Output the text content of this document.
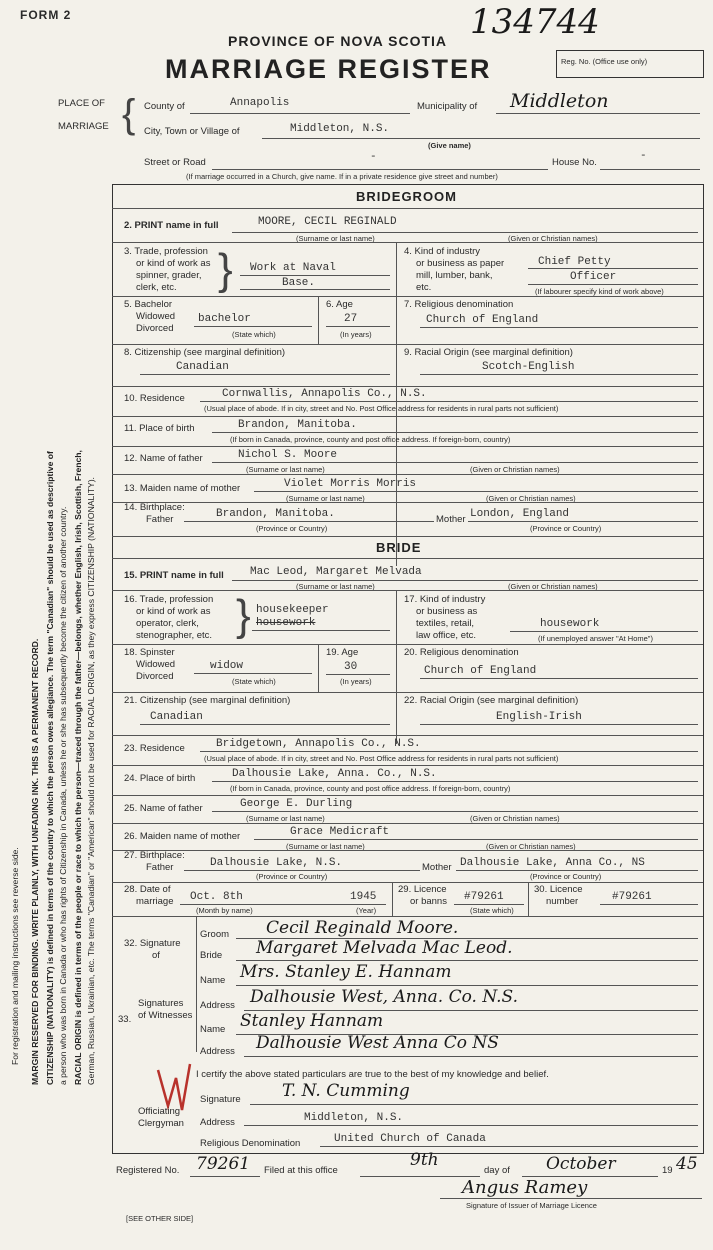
FORM 2	134744
PROVINCE OF NOVA SCOTIA
MARRIAGE REGISTER	Reg. No. (Office use only)
PLACE OF
MARRIAGE { County of	Annapolis	Municipality of Middleton
City, Town or Village of	Middleton, N.S.
(Give name)
Street or Road	-	House No.
-
(If marriage occurred in a Church, give name. If in a private residence give street and number)
For registration and mailing instructions see reverse side. MARGIN RESERVED FOR BINDING. WRITE PLAINLY, WITH UNFADING INK. THIS IS A PERMANENT RECORD. CITIZENSHIP (NATIONALITY) is defined in terms of the country to which the person owes allegiance. The term "Canadian" should be used as descriptive of a person who was born in Canada or who has rights of Citizenship in Canada, unless he or she has subsequently become the citizen of another country. RACIAL ORIGIN is defined in terms of the people or race to which the person—traced through the father—belongs, whether English, Irish, Scottish, French, German, Russian, Ukrainian, etc. The terms "Canadian" or "American" should not be used for RACIAL ORIGIN, as they express CITIZENSHIP (NATIONALITY).
BRIDEGROOM
2. PRINT name in full	MOORE, CECIL REGINALD
(Surname or last name)	(Given or Christian names)
3. Trade, profession
or kind of work as
spinner, grader,
clerk, etc. } Work at Naval
Base.
4. Kind of industry
or business as paper
mill, lumber, bank,
etc.
Chief Petty
Officer
(If labourer specify kind of work above)
5. Bachelor
Widowed
Divorced
bachelor
(State which)
6. Age
27
(In years)
7. Religious denomination
Church of England
8. Citizenship (see marginal definition)
Canadian
9. Racial Origin (see marginal definition)
Scotch-English
10. Residence	Cornwallis, Annapolis Co., N.S.
(Usual place of abode. If in city, street and No. Post Office address for residents in rural parts not sufficient)
11. Place of birth	Brandon, Manitoba.
(If born in Canada, province, county and post office address. If foreign-born, country)
12. Name of father	Nichol S. Moore
(Surname or last name)	(Given or Christian names)
13. Maiden name of mother	Violet Morris Morris
(Surname or last name)	(Given or Christian names)
14. Birthplace:
Father	Brandon, Manitoba.	Mother London, England
(Province or Country)	(Province or Country)
BRIDE
15. PRINT name in full Mac Leod, Margaret Melvada
(Surname or last name)	(Given or Christian names)
16. Trade, profession
or kind of work as
operator, clerk,
stenographer, etc. } housekeeper
housework
17. Kind of industry
or business as
textiles, retail,
law office, etc.
housework
(If unemployed answer "At Home")
18. Spinster
Widowed
Divorced
widow
(State which)
19. Age
30
(In years)
20. Religious denomination
Church of England
21. Citizenship (see marginal definition)
Canadian
22. Racial Origin (see marginal definition)
English-Irish
23. Residence	Bridgetown, Annapolis Co., N.S.
(Usual place of abode. If in city, street and No. Post Office address for residents in rural parts not sufficient)
24. Place of birth	Dalhousie Lake, Anna. Co., N.S.
(If born in Canada, province, county and post office address. If foreign-born, country)
25. Name of father	George E. Durling
(Surname or last name)	(Given or Christian names)
26. Maiden name of mother	Grace Medicraft
(Surname or last name)	(Given or Christian names)
27. Birthplace:
Father	Dalhousie Lake, N.S.	Mother Dalhousie Lake, Anna Co., NS
(Province or Country)	(Province or Country)
28. Date of
marriage Oct. 8th	1945
(Month by name)	(Year)
29. Licence
or banns #79261
(State which)
30. Licence
number	#79261
32. Signature
of
Groom Cecil Reginald Moore.
Bride Margaret Melvada Mac Leod.
Signatures
of Witnesses
33.
Name Mrs. Stanley E. Hannam
Address Dalhousie West, Anna. Co. N.S.
Name Stanley Hannam
Address Dalhousie West Anna Co NS
I certify the above stated particulars are true to the best of my knowledge and belief.
Officiating
Clergyman
Signature T. N. Cumming
Address	Middleton, N.S.
Religious Denomination	United Church of Canada
Registered No. 79261 Filed at this office
9th
day of October	19 45
Angus Ramey
Signature of Issuer of Marriage Licence
[SEE OTHER SIDE]
